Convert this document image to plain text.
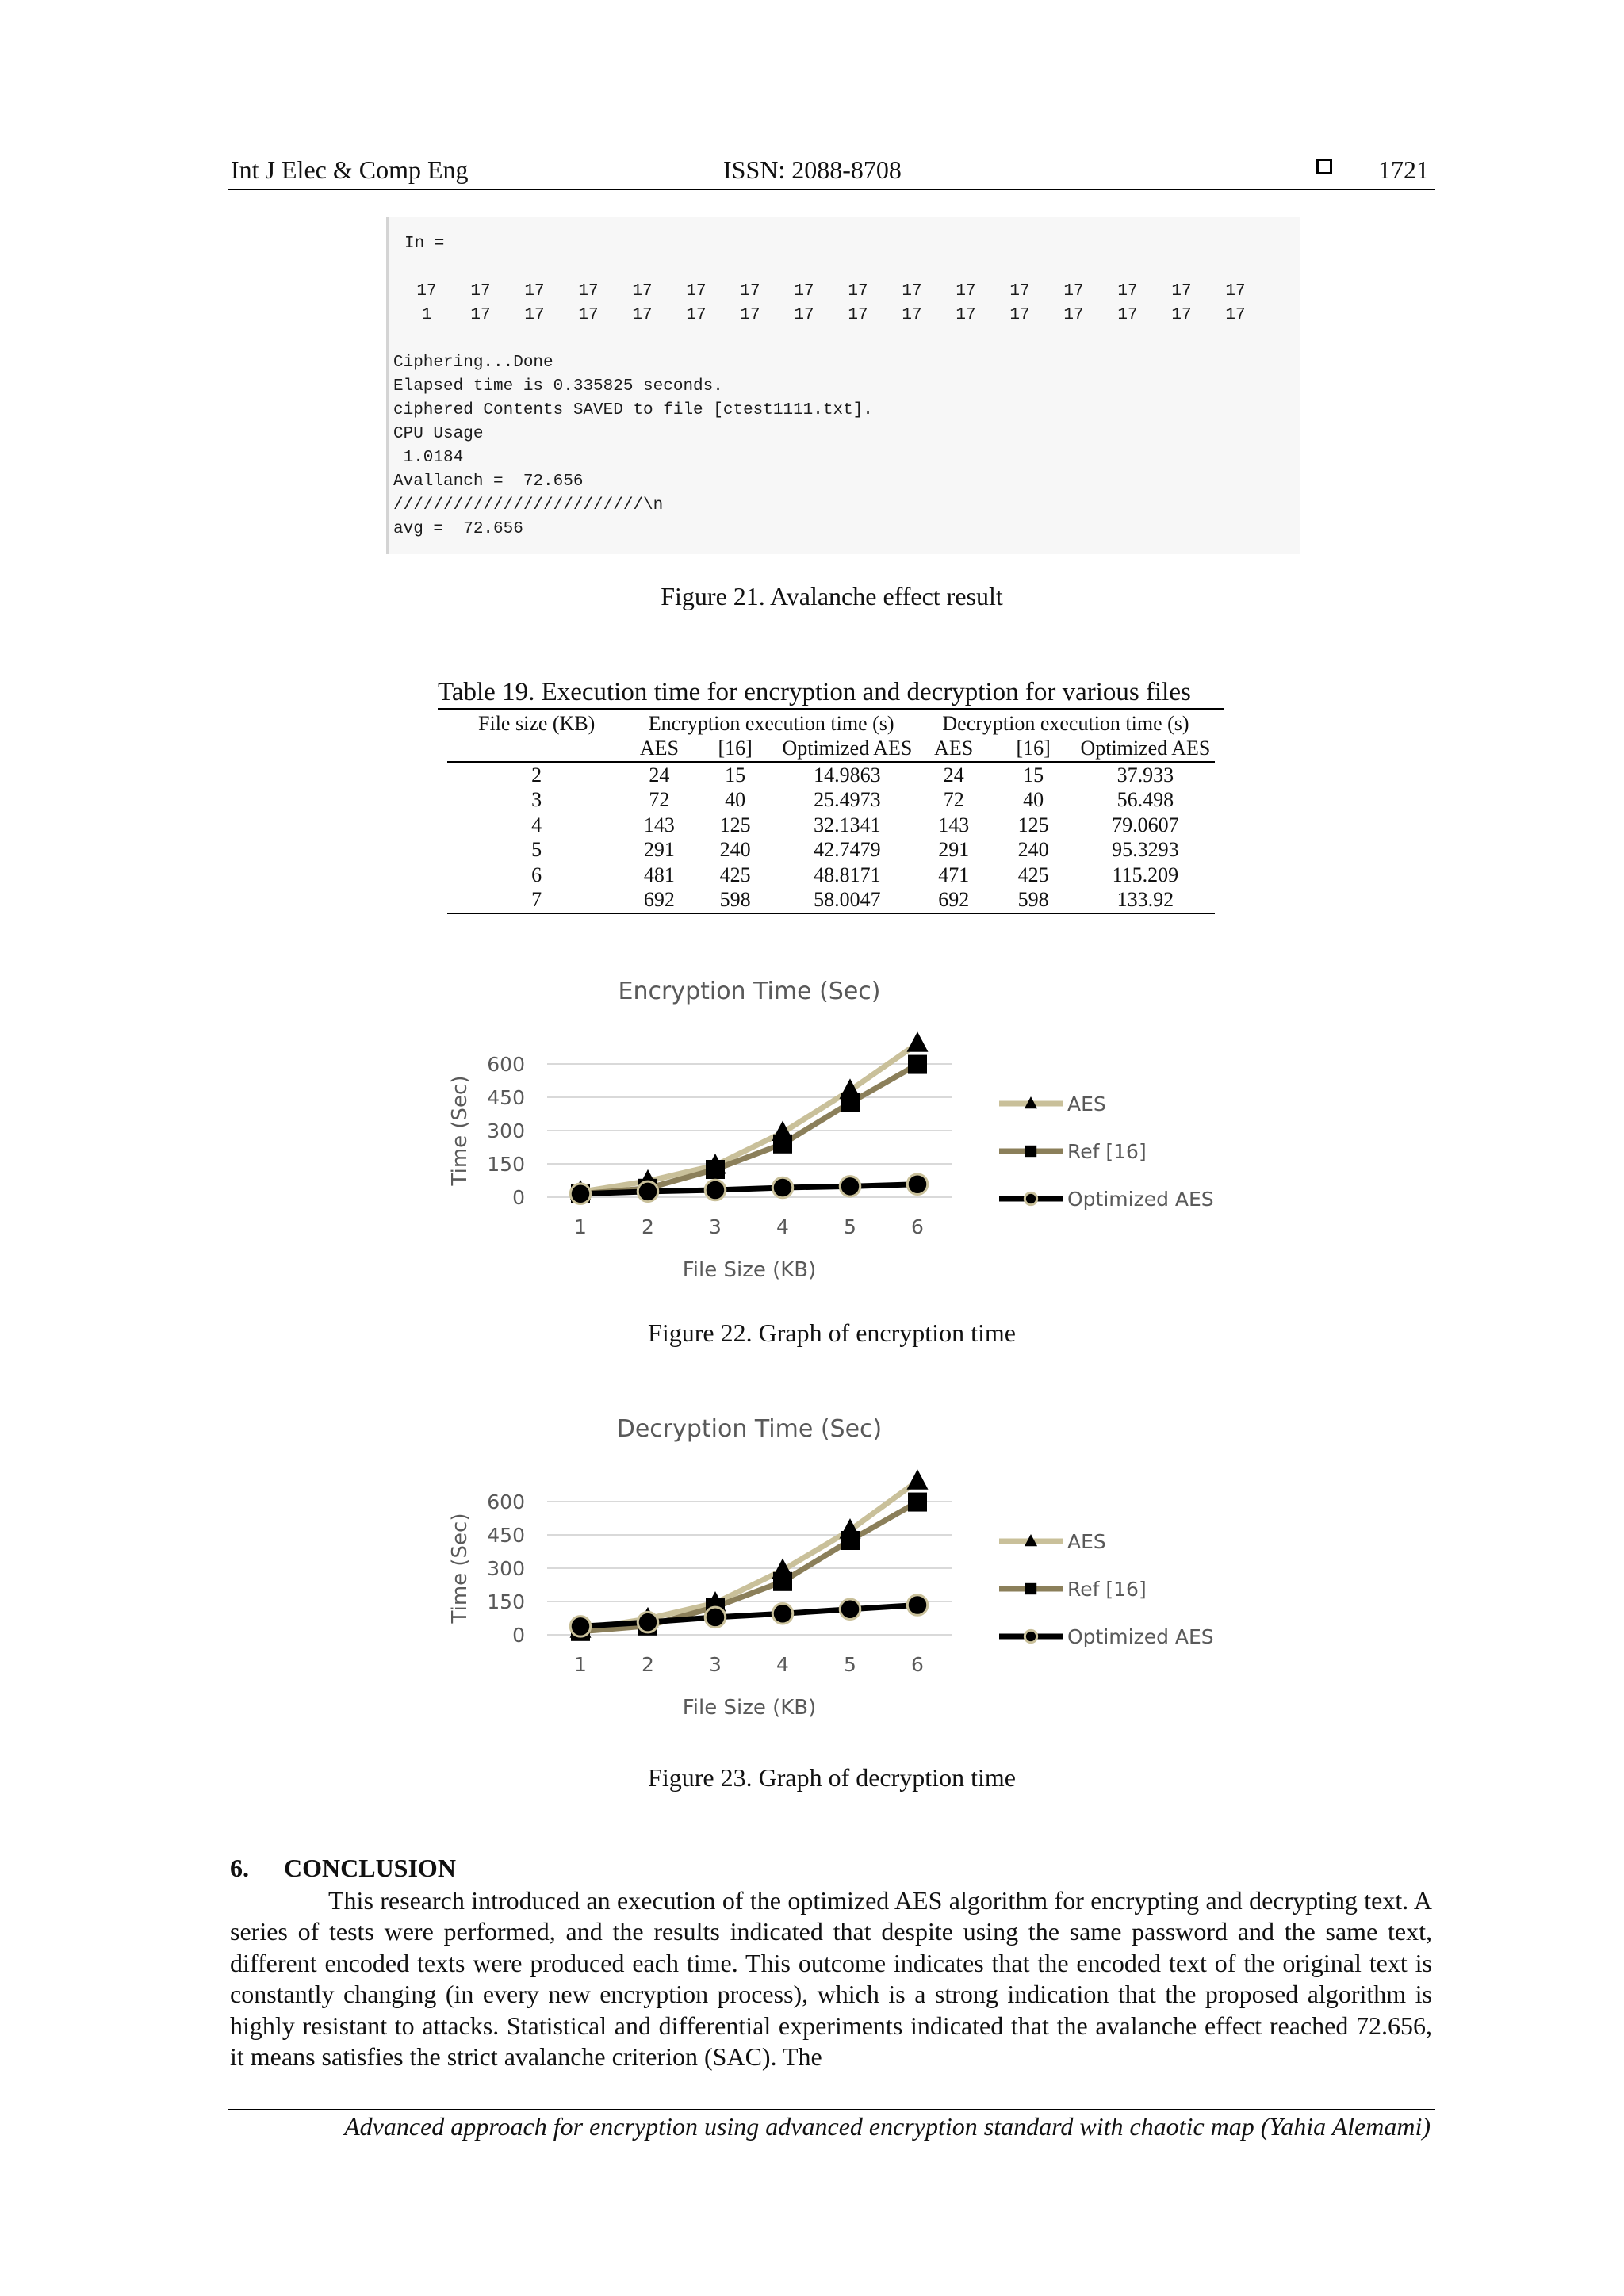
Int J Elec & Comp Eng	ISSN: 2088-8708	1721
In =
17	17	17	17	17	17	17	17	17	17	17	17	17	17	17	17
1	17	17	17	17	17	17	17	17	17	17	17	17	17	17	17
Ciphering...Done
Elapsed time is 0.335825 seconds.
ciphered Contents SAVED to file [ctest1111.txt].
CPU Usage
1.0184
Avallanch =  72.656
/////////////////////////\n
avg =  72.656
Figure 21. Avalanche effect result
Table 19. Execution time for encryption and decryption for various files
File size (KB)	Encryption execution time (s)			Decryption execution time (s)		
	AES	[16]	Optimized AES	AES	[16]	Optimized AES
2	24	15	14.9863	24	15	37.933
3	72	40	25.4973	72	40	56.498
4	143	125	32.1341	143	125	79.0607
5	291	240	42.7479	291	240	95.3293
6	481	425	48.8171	471	425	115.209
7	692	598	58.0047	692	598	133.92
Encryption Time (Sec)
0
150
300
450
600
1	2	3	4	5	6
File Size (KB)
Time (Sec)	AES
Ref [16]
Optimized AES
Figure 22. Graph of encryption time
Decryption Time (Sec)
0
150
300
450
600
1	2	3	4	5	6
File Size (KB)
Time (Sec)	AES
Ref [16]
Optimized AES
Figure 23. Graph of decryption time
6. CONCLUSION
This research introduced an execution of the optimized AES algorithm for encrypting and decrypting text. A series of tests were performed, and the results indicated that despite using the same password and the same text, different encoded texts were produced each time. This outcome indicates that the encoded text of the original text is constantly changing (in every new encryption process), which is a strong indication that the proposed algorithm is highly resistant to attacks. Statistical and differential experiments indicated that the avalanche effect reached 72.656, it means satisfies the strict avalanche criterion (SAC). The
Advanced approach for encryption using advanced encryption standard with chaotic map (Yahia Alemami)
